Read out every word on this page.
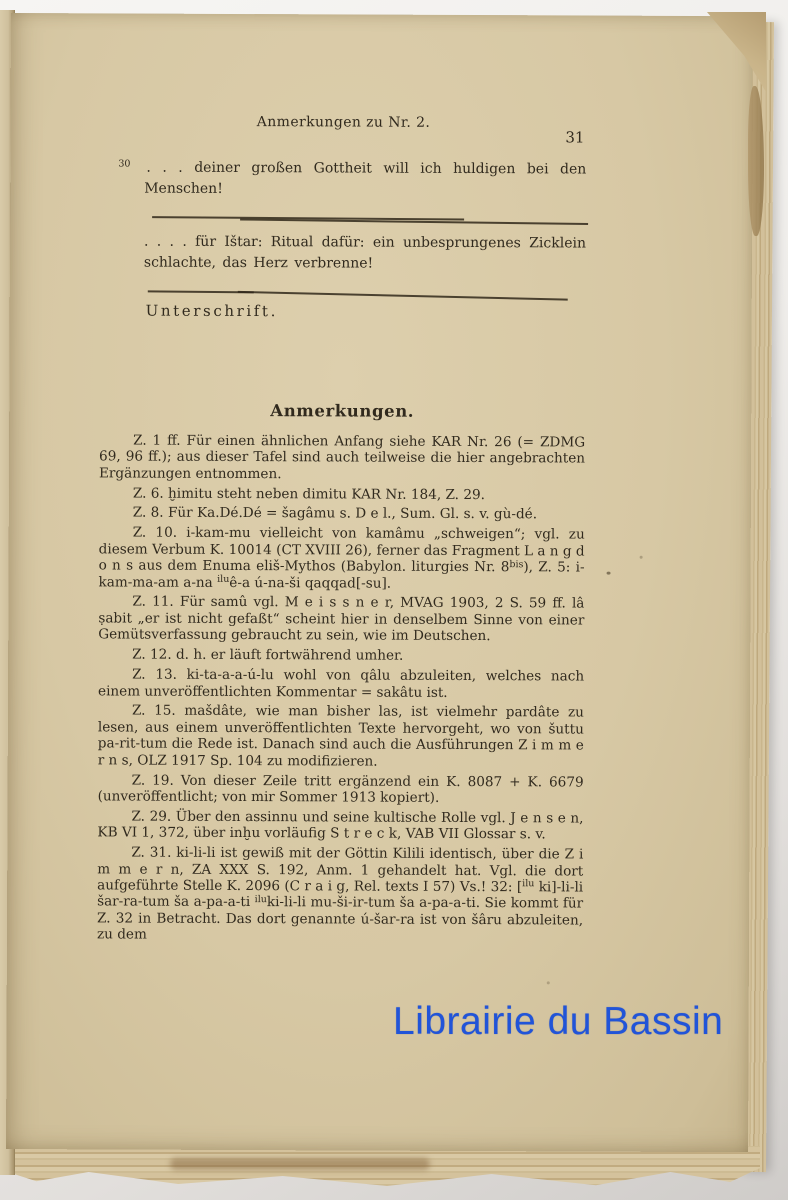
Anmerkungen zu Nr. 2.
31

$^{30}$ . . . deiner großen Gottheit will ich huldigen bei den Menschen!

. . . . für Ištar: Ritual dafür: ein unbesprungenes Zicklein schlachte, das Herz verbrenne!

Unterschrift.
Anmerkungen.

Z. 1 ff. Für einen ähnlichen Anfang siehe KAR Nr. 26 (= ZDMG 69, 96 ff.); aus dieser Tafel sind auch teilweise die hier angebrachten Ergänzungen entnommen.

Z. 6. ḫimitu steht neben dimitu KAR Nr. 184, Z. 29.

Z. 8. Für Ka.Dé.Dé = šagâmu s. D e l., Sum. Gl. s. v. gù-dé.

Z. 10. i-kam-mu vielleicht von kamâmu „schweigen“; vgl. zu diesem Verbum K. 10014 (CT XVIII 26), ferner das Fragment L a n g d o n s aus dem Enuma eliš-Mythos (Babylon. liturgies Nr. $8^{bis}$), Z. 5: i-kam-ma-am a-na $^{ilu}$ê-a ú-na-ši qaqqad[-su].

Z. 11. Für samû vgl. M e i s s n e r, MVAG 1903, 2 S. 59 ff. lâ ṣabit „er ist nicht gefaßt“ scheint hier in denselbem Sinne von einer Gemütsverfassung gebraucht zu sein, wie im Deutschen.

Z. 12. d. h. er läuft fortwährend umher.

Z. 13. ki-ta-a-a-ú-lu wohl von qâlu abzuleiten, welches nach einem unveröffentlichten Kommentar = sakâtu ist.

Z. 15. mašdâte, wie man bisher las, ist vielmehr pardâte zu lesen, aus einem unveröffentlichten Texte hervorgeht, wo von šuttu pa-rit-tum die Rede ist. Danach sind auch die Ausführungen Z i m m e r n s, OLZ 1917 Sp. 104 zu modifizieren.

Z. 19. Von dieser Zeile tritt ergänzend ein K. 8087 + K. 6679 (unveröffentlicht; von mir Sommer 1913 kopiert).

Z. 29. Über den assinnu und seine kultische Rolle vgl. J e n s e n, KB VI 1, 372, über inḫu vorläufig S t r e c k, VAB VII Glossar s. v.

Z. 31. ki-li-li ist gewiß mit der Göttin Kilili identisch, über die Z i m m e r n, ZA XXX S. 192, Anm. 1 gehandelt hat. Vgl. die dort aufgeführte Stelle K. 2096 (C r a i g, Rel. texts I 57) Vs.! 32: [$^{ilu}$ ki]-li-li šar-ra-tum ša a-pa-a-ti $^{ilu}$ki-li-li mu-ši-ir-tum ša a-pa-a-ti. Sie kommt für Z. 32 in Betracht. Das dort genannte ú-šar-ra ist von šâru abzuleiten, zu dem

Librairie du Bassin
